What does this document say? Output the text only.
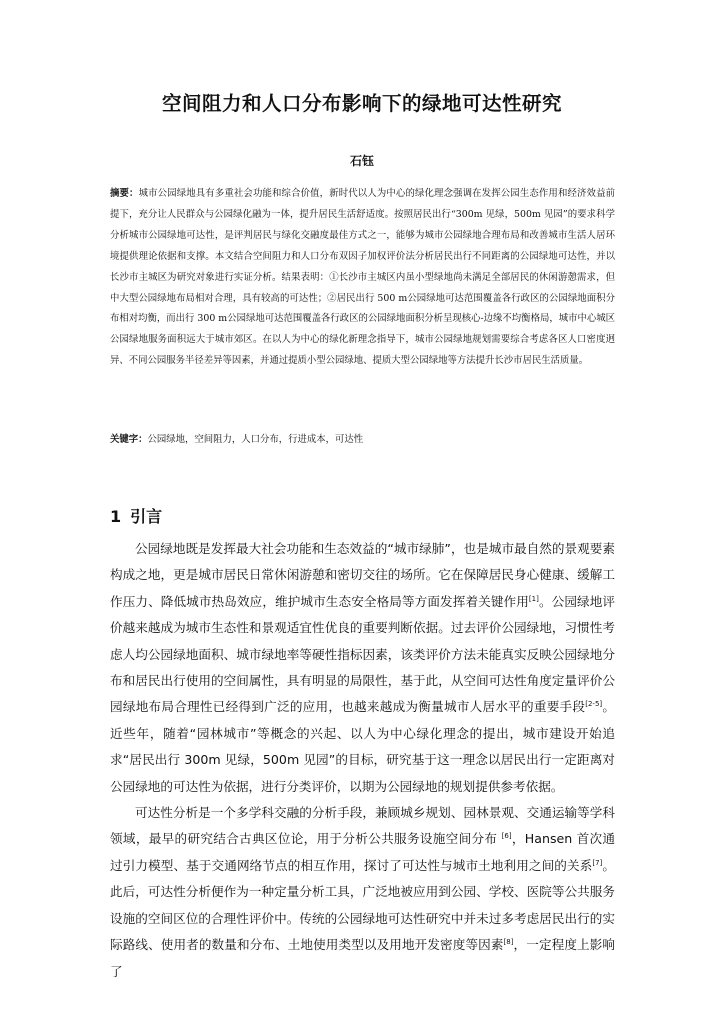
空间阻力和人口分布影响下的绿地可达性研究
石钰
摘要：城市公园绿地具有多重社会功能和综合价值，新时代以人为中心的绿化理念强调在发挥公园生态作用和经济效益前提下，充分让人民群众与公园绿化融为一体，提升居民生活舒适度。按照居民出行“300m 见绿，500m 见园”的要求科学分析城市公园绿地可达性，是评判居民与绿化交融度最佳方式之一，能够为城市公园绿地合理布局和改善城市生活人居环境提供理论依据和支撑。本文结合空间阻力和人口分布双因子加权评价法分析居民出行不同距离的公园绿地可达性，并以长沙市主城区为研究对象进行实证分析。结果表明：①长沙市主城区内虽小型绿地尚未满足全部居民的休闲游憩需求，但中大型公园绿地布局相对合理，具有较高的可达性；②居民出行 500 m公园绿地可达范围覆盖各行政区的公园绿地面积分布相对均衡，而出行 300 m公园绿地可达范围覆盖各行政区的公园绿地面积分析呈现核心-边缘不均衡格局，城市中心城区公园绿地服务面积远大于城市郊区。在以人为中心的绿化新理念指导下，城市公园绿地规划需要综合考虑各区人口密度迥异、不同公园服务半径差异等因素，并通过提质小型公园绿地、提质大型公园绿地等方法提升长沙市居民生活质量。
关键字：公园绿地，空间阻力，人口分布，行进成本，可达性
1 引言

公园绿地既是发挥最大社会功能和生态效益的“城市绿肺”，也是城市最自然的景观要素构成之地，更是城市居民日常休闲游憩和密切交往的场所。它在保障居民身心健康、缓解工作压力、降低城市热岛效应，维护城市生态安全格局等方面发挥着关键作用[1]。公园绿地评价越来越成为城市生态性和景观适宜性优良的重要判断依据。过去评价公园绿地，习惯性考虑人均公园绿地面积、城市绿地率等硬性指标因素，该类评价方法未能真实反映公园绿地分布和居民出行使用的空间属性，具有明显的局限性，基于此，从空间可达性角度定量评价公园绿地布局合理性已经得到广泛的应用，也越来越成为衡量城市人居水平的重要手段[2-5]。近些年，随着“园林城市”等概念的兴起、以人为中心绿化理念的提出，城市建设开始追求“居民出行 300m 见绿，500m 见园”的目标，研究基于这一理念以居民出行一定距离对公园绿地的可达性为依据，进行分类评价，以期为公园绿地的规划提供参考依据。

可达性分析是一个多学科交融的分析手段，兼顾城乡规划、园林景观、交通运输等学科领域，最早的研究结合古典区位论，用于分析公共服务设施空间分布 [6]，Hansen 首次通过引力模型、基于交通网络节点的相互作用，探讨了可达性与城市土地利用之间的关系[7]。此后，可达性分析便作为一种定量分析工具，广泛地被应用到公园、学校、医院等公共服务设施的空间区位的合理性评价中。传统的公园绿地可达性研究中并未过多考虑居民出行的实际路线、使用者的数量和分布、土地使用类型以及用地开发密度等因素[8]，一定程度上影响了
